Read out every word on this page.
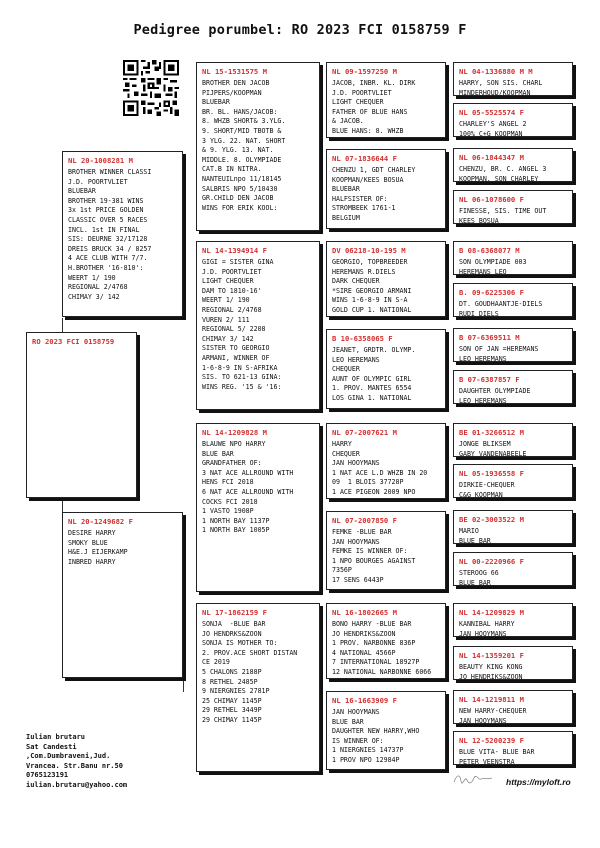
Pedigree porumbel: RO 2023 FCI 0158759 F
RO 2023 FCI 0158759
NL 20-1008281 M
BROTHER WINNER CLASSI
J.D. POORTVLIET
BLUEBAR
BROTHER 19-381 WINS
3x 1st PRICE GOLDEN
CLASSIC OVER 5 RACES
INCL. 1st IN FINAL
SIS: DEURNE 32/17128
DREIS BRUCK 34 / 8257
4 ACE CLUB WITH 7/7.
H.BROTHER '16-810':
WEERT 1/ 190
REGIONAL 2/4768
CHIMAY 3/ 142
NL 20-1249682 F
DESIRE HARRY
SMOKY BLUE
H&E.J EIJERKAMP
INBRED HARRY
NL 15-1531575 M
BROTHER DEN JACOB
PIJPERS/KOOPMAN
BLUEBAR
BR. BL. HANS/JACOB:
8. WHZB SHORT& 3.YLG.
9. SHORT/MID TBOTB &
3 YLG. 22. NAT. SHORT
& 9. YLG. 13. NAT.
MIDDLE. 8. OLYMPIADE
CAT.B IN NITRA.
NANTEUILnpo 11/18145
SALBRIS NPO 5/10430
GR.CHILD DEN JACOB
WINS FOR ERIK KOOL:
NL 14-1394914 F
GIGI = SISTER GINA
J.D. POORTVLIET
LIGHT CHEQUER
DAM TO 1810-16'
WEERT 1/ 190
REGIONAL 2/4768
VUREN 2/ 111
REGIONAL 5/ 2208
CHIMAY 3/ 142
SISTER TO GEORGIO
ARMANI, WINNER OF
1-6-8-9 IN S-AFRIKA
SIS. TO 621-13 GINA:
WINS REG. '15 & '16:
NL 14-1209828 M
BLAUWE NPO HARRY
BLUE BAR
GRANDFATHER OF:
3 NAT ACE ALLROUND WITH
HENS FCI 2018
6 NAT ACE ALLROUND WITH
COCKS FCI 2018
1 VASTO 1908P
1 NORTH BAY 1137P
1 NORTH BAY 1005P
NL 17-1862159 F
SONJA  -BLUE BAR
JO HENDRKS&ZOON
SONJA IS MOTHER TO:
2. PROV.ACE SHORT DISTAN
CE 2019
5 CHALONS 2188P
8 RETHEL 2485P
9 NIERGNIES 2781P
25 CHIMAY 1145P
29 RETHEL 3449P
29 CHIMAY 1145P
NL 09-1597250 M
JACOB, INBR. KL. DIRK
J.D. POORTVLIET
LIGHT CHEQUER
FATHER OF BLUE HANS
& JACOB.
BLUE HANS: 8. WHZB
NL 07-1836644 F
CHENZU 1, GDT CHARLEY
KOOPMAN/KEES BOSUA
BLUEBAR
HALFSISTER OF:
STROMBEEK 1761-1
BELGIUM
DV 06218-10-195 M
GEORGIO, TOPBREEDER
HEREMANS R.DIELS
DARK CHEQUER
*SIRE GEORGIO ARMANI
WINS 1-6-8-9 IN S-A
GOLD CUP 1. NATIONAL
B 10-6358065 F
JEANET, GRDTR. OLYMP.
LEO HEREMANS
CHEQUER
AUNT OF OLYMPIC GIRL
1. PROV. MANTES 6554
LOS GINA 1. NATIONAL
NL 07-2007621 M
HARRY
CHEQUER
JAN HOOYMANS
1 NAT ACE L.D WHZB IN 20
09  1 BLOIS 37728P
1 ACE PIGEON 2009 NPO
NL 07-2007850 F
FEMKE -BLUE BAR
JAN HOOYMANS
FEMKE IS WINNER OF:
1 NPO BOURGES AGAINST
7356P
17 SENS 6443P
NL 16-1802665 M
BONO HARRY -BLUE BAR
JO HENDRIKS&ZOON
1 PROV. NARBONNE 836P
4 NATIONAL 4566P
7 INTERNATIONAL 18927P
12 NATIONAL NARBONNE 6066
NL 16-1663909 F
JAN HOOYMANS
BLUE BAR
DAUGHTER NEW HARRY,WHO
IS WINNER OF:
1 NIERGNIES 14737P
1 PROV NPO 12984P
NL 04-1336880 M M
HARRY, SON SIS. CHARL
MINDERHOUD/KOOPMAN
NL 05-5525574 F
CHARLEY'S ANGEL 2
100% C+G KOOPMAN
NL 06-1844347 M
CHENZU, BR. C. ANGEL 3
KOOPMAN, SON CHARLEY
NL 06-1078600 F
FINESSE, SIS. TIME OUT
KEES BOSUA
B 08-6368077 M
SON OLYMPIADE 003
HEREMANS LEO
B. 09-6225306 F
DT. GOUDHAANTJE-DIELS
RUDI DIELS
B 07-6369511 M
SON OF JAN =HEREMANS
LEO HEREMANS
B 07-6387857 F
DAUGHTER OLYMPIADE
LEO HEREMANS
BE 01-3266512 M
JONGE BLIKSEM
GABY VANDENABEELE
NL 05-1936558 F
DIRKIE-CHEQUER
C&G KOOPMAN
BE 02-3003522 M
MARIO
BLUE BAR
NL 00-2220966 F
STEROOG 66
BLUE BAR
NL 14-1209829 M
KANNIBAL HARRY
JAN HOOYMANS
NL 14-1359201 F
BEAUTY KING KONG
JO HENDRIKS&ZOON
NL 14-1219811 M
NEW HARRY-CHEQUER
JAN HOOYMANS
NL 12-5200239 F
BLUE VITA- BLUE BAR
PETER VEENSTRA
Iulian brutaru
Sat Candesti
,Com.Dumbraveni,Jud.
Vrancea. Str.Banu nr.50
0765123191
iulian.brutaru@yahoo.com	https://myloft.ro
